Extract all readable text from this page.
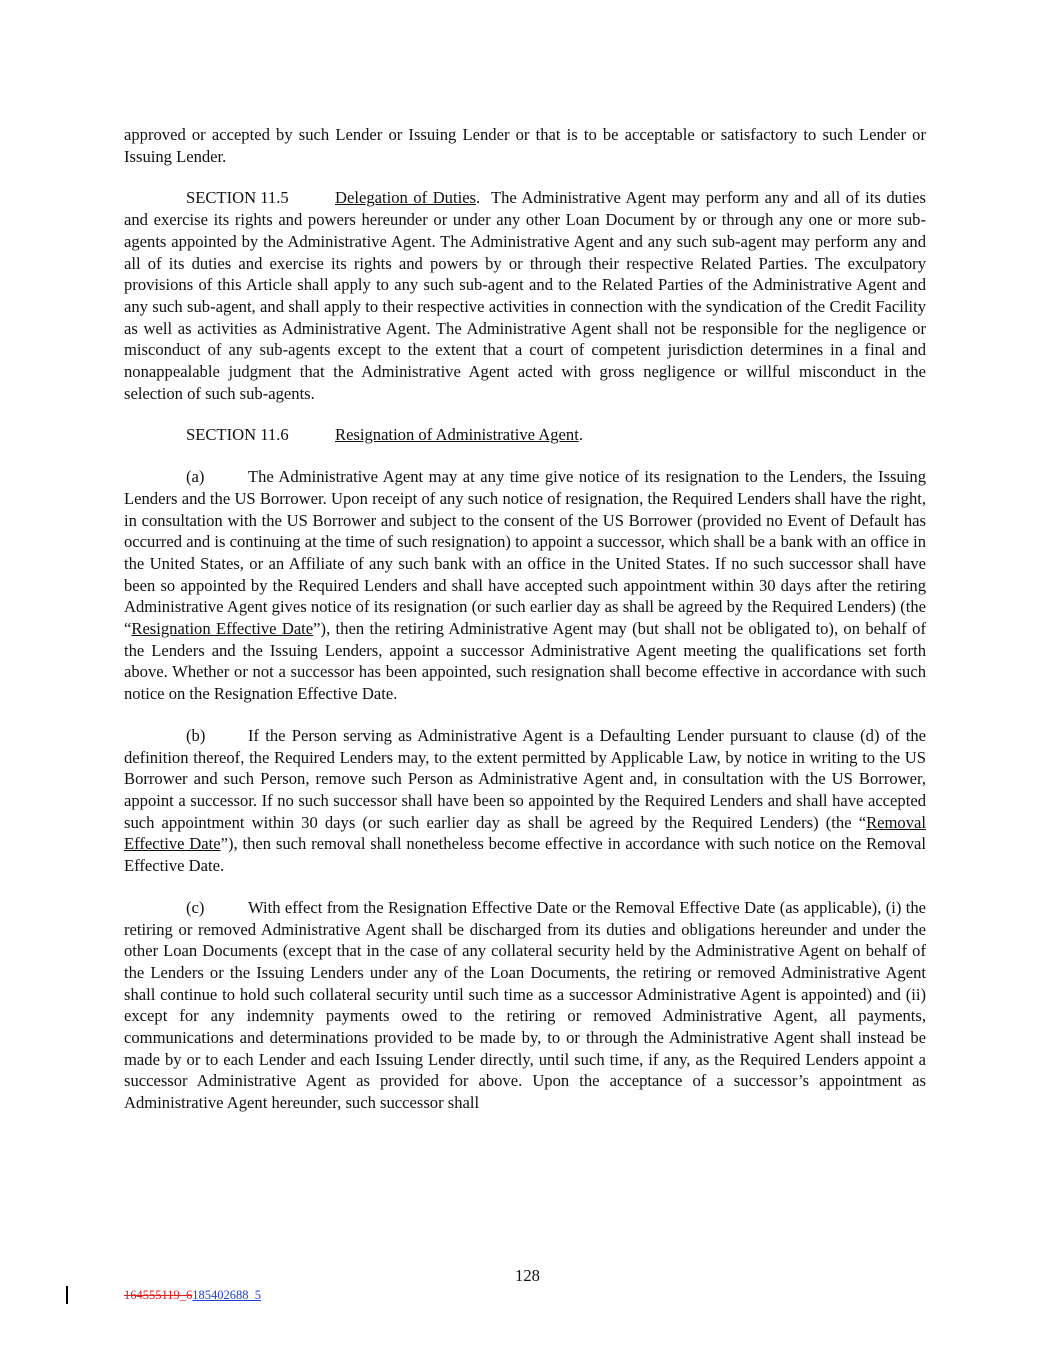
approved or accepted by such Lender or Issuing Lender or that is to be acceptable or satisfactory to such Lender or Issuing Lender.

SECTION 11.5	Delegation of Duties.  The Administrative Agent may perform any and all of its duties and exercise its rights and powers hereunder or under any other Loan Document by or through any one or more sub-agents appointed by the Administrative Agent. The Administrative Agent and any such sub-agent may perform any and all of its duties and exercise its rights and powers by or through their respective Related Parties. The exculpatory provisions of this Article shall apply to any such sub-agent and to the Related Parties of the Administrative Agent and any such sub-agent, and shall apply to their respective activities in connection with the syndication of the Credit Facility as well as activities as Administrative Agent. The Administrative Agent shall not be responsible for the negligence or misconduct of any sub-agents except to the extent that a court of competent jurisdiction determines in a final and nonappealable judgment that the Administrative Agent acted with gross negligence or willful misconduct in the selection of such sub-agents.

SECTION 11.6	Resignation of Administrative Agent.

(a)	The Administrative Agent may at any time give notice of its resignation to the Lenders, the Issuing Lenders and the US Borrower. Upon receipt of any such notice of resignation, the Required Lenders shall have the right, in consultation with the US Borrower and subject to the consent of the US Borrower (provided no Event of Default has occurred and is continuing at the time of such resignation) to appoint a successor, which shall be a bank with an office in the United States, or an Affiliate of any such bank with an office in the United States. If no such successor shall have been so appointed by the Required Lenders and shall have accepted such appointment within 30 days after the retiring Administrative Agent gives notice of its resignation (or such earlier day as shall be agreed by the Required Lenders) (the “Resignation Effective Date”), then the retiring Administrative Agent may (but shall not be obligated to), on behalf of the Lenders and the Issuing Lenders, appoint a successor Administrative Agent meeting the qualifications set forth above. Whether or not a successor has been appointed, such resignation shall become effective in accordance with such notice on the Resignation Effective Date.

(b)	If the Person serving as Administrative Agent is a Defaulting Lender pursuant to clause (d) of the definition thereof, the Required Lenders may, to the extent permitted by Applicable Law, by notice in writing to the US Borrower and such Person, remove such Person as Administrative Agent and, in consultation with the US Borrower, appoint a successor. If no such successor shall have been so appointed by the Required Lenders and shall have accepted such appointment within 30 days (or such earlier day as shall be agreed by the Required Lenders) (the “Removal Effective Date”), then such removal shall nonetheless become effective in accordance with such notice on the Removal Effective Date.

(c)	With effect from the Resignation Effective Date or the Removal Effective Date (as applicable), (i) the retiring or removed Administrative Agent shall be discharged from its duties and obligations hereunder and under the other Loan Documents (except that in the case of any collateral security held by the Administrative Agent on behalf of the Lenders or the Issuing Lenders under any of the Loan Documents, the retiring or removed Administrative Agent shall continue to hold such collateral security until such time as a successor Administrative Agent is appointed) and (ii) except for any indemnity payments owed to the retiring or removed Administrative Agent, all payments, communications and determinations provided to be made by, to or through the Administrative Agent shall instead be made by or to each Lender and each Issuing Lender directly, until such time, if any, as the Required Lenders appoint a successor Administrative Agent as provided for above. Upon the acceptance of a successor’s appointment as Administrative Agent hereunder, such successor shall

128
164555119_6185402688_5
